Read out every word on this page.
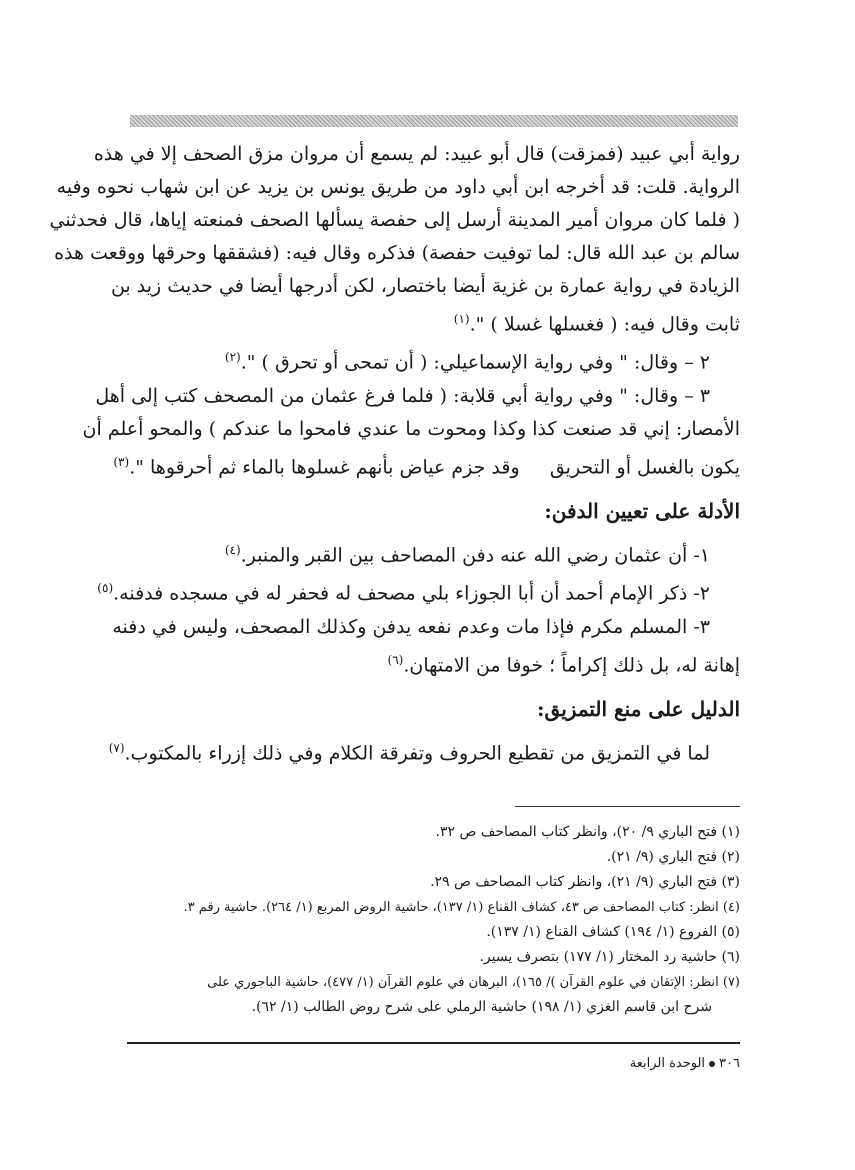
رواية أبي عبيد (فمزقت) قال أبو عبيد: لم يسمع أن مروان مزق الصحف إلا في هذه

الرواية. قلت: قد أخرجه ابن أبي داود من طريق يونس بن يزيد عن ابن شهاب نحوه وفيه

( فلما كان مروان أمير المدينة أرسل إلى حفصة يسألها الصحف فمنعته إياها، قال فحدثني

سالم بن عبد الله قال: لما توفيت حفصة) فذكره وقال فيه: (فشققها وحرقها ووقعت هذه

الزيادة في رواية عمارة بن غزية أيضا باختصار، لكن أدرجها أيضا في حديث زيد بن

ثابت وقال فيه: ( فغسلها غسلا ) ".$^{(١)}$

٢ – وقال: " وفي رواية الإسماعيلي: ( أن تمحى أو تحرق ) ".$^{(٢)}$

٣ – وقال: " وفي رواية أبي قلابة: ( فلما فرغ عثمان من المصحف كتب إلى أهل

الأمصار: إني قد صنعت كذا وكذا ومحوت ما عندي فامحوا ما عندكم ) والمحو أعلم أن

يكون بالغسل أو التحريق     وقد جزم عياض بأنهم غسلوها بالماء ثم أحرقوها ".$^{(٣)}$

الأدلة على تعيين الدفن:

١- أن عثمان رضي الله عنه دفن المصاحف بين القبر والمنبر.$^{(٤)}$

٢- ذكر الإمام أحمد أن أبا الجوزاء بلي مصحف له فحفر له في مسجده فدفنه.$^{(٥)}$

٣- المسلم مكرم فإذا مات وعدم نفعه يدفن وكذلك المصحف، وليس في دفنه

إهانة له، بل ذلك إكراماً ؛ خوفا من الامتهان.$^{(٦)}$

الدليل على منع التمزيق:

لما في التمزيق من تقطيع الحروف وتفرقة الكلام وفي ذلك إزراء بالمكتوب.$^{(٧)}$

(١) فتح الباري ٩/ ٢٠)، وانظر كتاب المصاحف ص ٣٢.

(٢) فتح الباري (٩/ ٢١).

(٣) فتح الباري (٩/ ٢١)، وانظر كتاب المصاحف ص ٢٩.

(٤) انظر: كتاب المصاحف ص ٤٣، كشاف القناع (١/ ١٣٧)، حاشية الروض المربع (١/ ٢٦٤). حاشية رقم ٣.

(٥) الفروع (١/ ١٩٤) كشاف القناع (١/ ١٣٧).

(٦) حاشية رد المختار (١/ ١٧٧) بتصرف يسير.

(٧) انظر: الإتقان في علوم القرآن )/ ١٦٥)، البرهان في علوم القرآن (١/ ٤٧٧)، حاشية الباجوري على

شرح ابن قاسم الغزي (١/ ١٩٨) حاشية الرملي على شرح روض الطالب (١/ ٦٢).

٣٠٦الوحدة الرابعة
